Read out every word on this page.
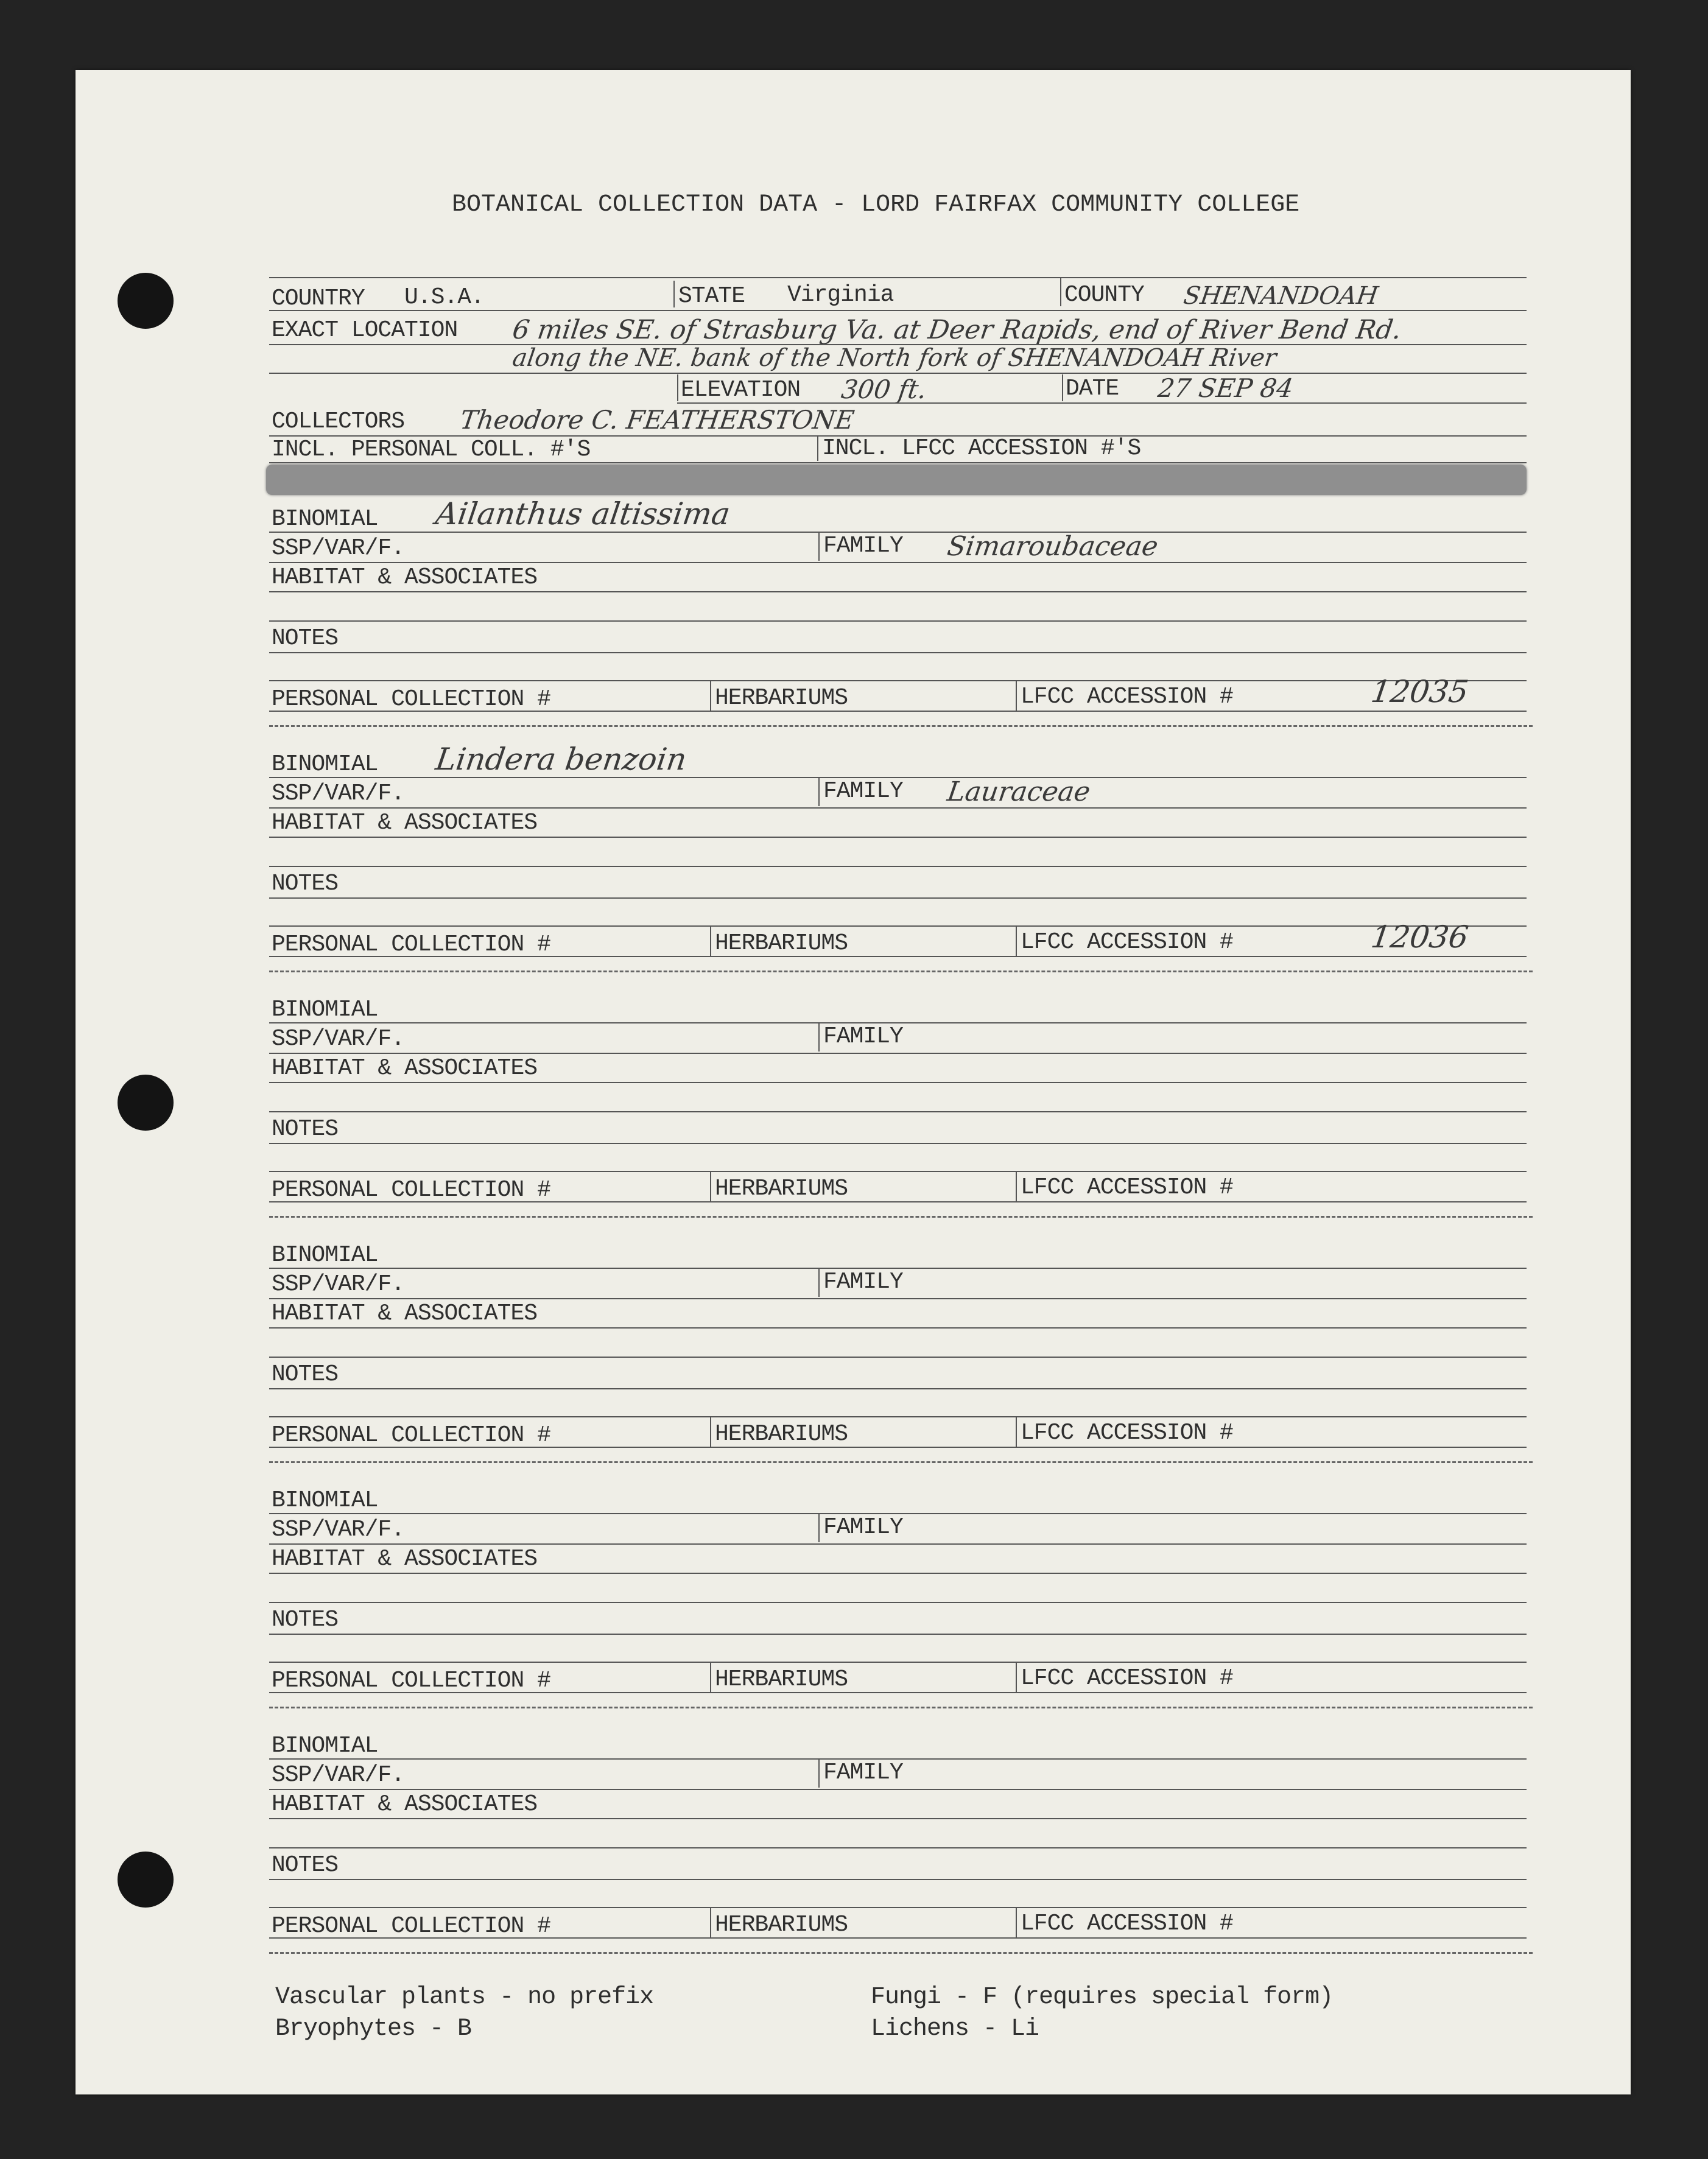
BOTANICAL COLLECTION DATA - LORD FAIRFAX COMMUNITY COLLEGE
COUNTRY U.S.A.	STATE Virginia	COUNTY SHENANDOAH
EXACT LOCATION 6 miles SE. of Strasburg Va. at Deer Rapids, end of River Bend Rd.
along the NE. bank of the North fork of SHENANDOAH River
ELEVATION 300 ft.	DATE 27 SEP 84
COLLECTORS Theodore C. FEATHERSTONE
INCL. PERSONAL COLL. #'S	INCL. LFCC ACCESSION #'S
BINOMIAL Ailanthus altissima
SSP/VAR/F.	FAMILY Simaroubaceae
HABITAT & ASSOCIATES
NOTES
PERSONAL COLLECTION #	HERBARIUMS	LFCC ACCESSION #	12035
BINOMIAL Lindera benzoin
SSP/VAR/F.	FAMILY Lauraceae
HABITAT & ASSOCIATES
NOTES
PERSONAL COLLECTION #	HERBARIUMS	LFCC ACCESSION #	12036
BINOMIAL
SSP/VAR/F.	FAMILY
HABITAT & ASSOCIATES
NOTES
PERSONAL COLLECTION #	HERBARIUMS	LFCC ACCESSION #
BINOMIAL
SSP/VAR/F.	FAMILY
HABITAT & ASSOCIATES
NOTES
PERSONAL COLLECTION #	HERBARIUMS	LFCC ACCESSION #
BINOMIAL
SSP/VAR/F.	FAMILY
HABITAT & ASSOCIATES
NOTES
PERSONAL COLLECTION #	HERBARIUMS	LFCC ACCESSION #
BINOMIAL
SSP/VAR/F.	FAMILY
HABITAT & ASSOCIATES
NOTES
PERSONAL COLLECTION #	HERBARIUMS	LFCC ACCESSION #
Vascular plants - no prefix
Bryophytes - B
Fungi - F (requires special form)
Lichens - Li
